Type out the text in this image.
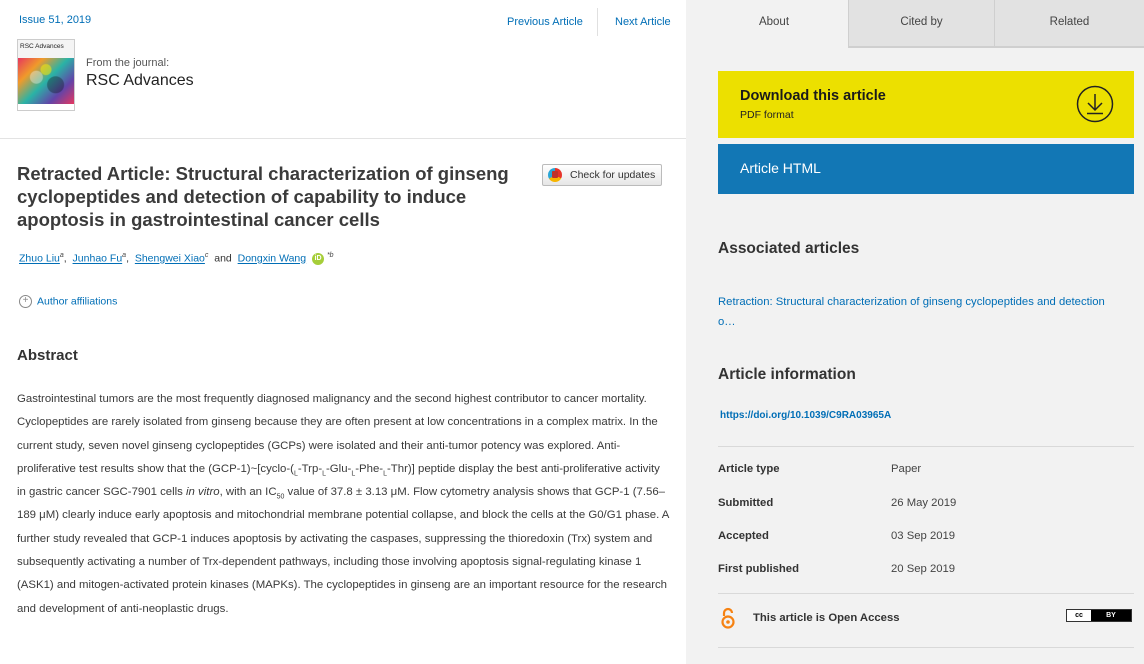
Issue 51, 2019	Previous Article	Next Article
RSC Advances
From the journal:
RSC Advances
Retracted Article: Structural characterization of ginseng cyclopeptides and detection of capability to induce apoptosis in gastrointestinal cancer cells
Check for updates
Zhuo Liu$^a$,  Junhao Fu$^a$,  Shengwei Xiao$^c$ and Dongxin Wang iD $^{*b}$
+ Author affiliations
Abstract

Gastrointestinal tumors are the most frequently diagnosed malignancy and the second highest contributor to cancer mortality. Cyclopeptides are rarely isolated from ginseng because they are often present at low concentrations in a complex matrix. In the current study, seven novel ginseng cyclopeptides (GCPs) were isolated and their anti-tumor potency was explored. Anti-proliferative test results show that the $(GCP-1)\sim[cyclo-(_L-Trp-_L-Glu-_L-Phe-_L-Thr)]$ peptide display the best anti-proliferative activity in gastric cancer SGC-7901 cells in vitro, with an $IC_{50}$ value of 37.8 ± 3.13 μM. Flow cytometry analysis shows that GCP-1 (7.56–189 μM) clearly induce early apoptosis and mitochondrial membrane potential collapse, and block the cells at the G0/G1 phase. A further study revealed that GCP-1 induces apoptosis by activating the caspases, suppressing the thioredoxin (Trx) system and subsequently activating a number of Trx-dependent pathways, including those involving apoptosis signal-regulating kinase 1 (ASK1) and mitogen-activated protein kinases (MAPKs). The cyclopeptides in ginseng are an important resource for the research and development of anti-neoplastic drugs.

About	Cited by	Related
Download this article
PDF format
Article HTML
Associated articles
Retraction: Structural characterization of ginseng cyclopeptides and detection o…
Article information
https://doi.org/10.1039/C9RA03965A
Article type	Paper
Submitted	26 May 2019
Accepted	03 Sep 2019
First published	20 Sep 2019
This article is Open Access	cc	BY
